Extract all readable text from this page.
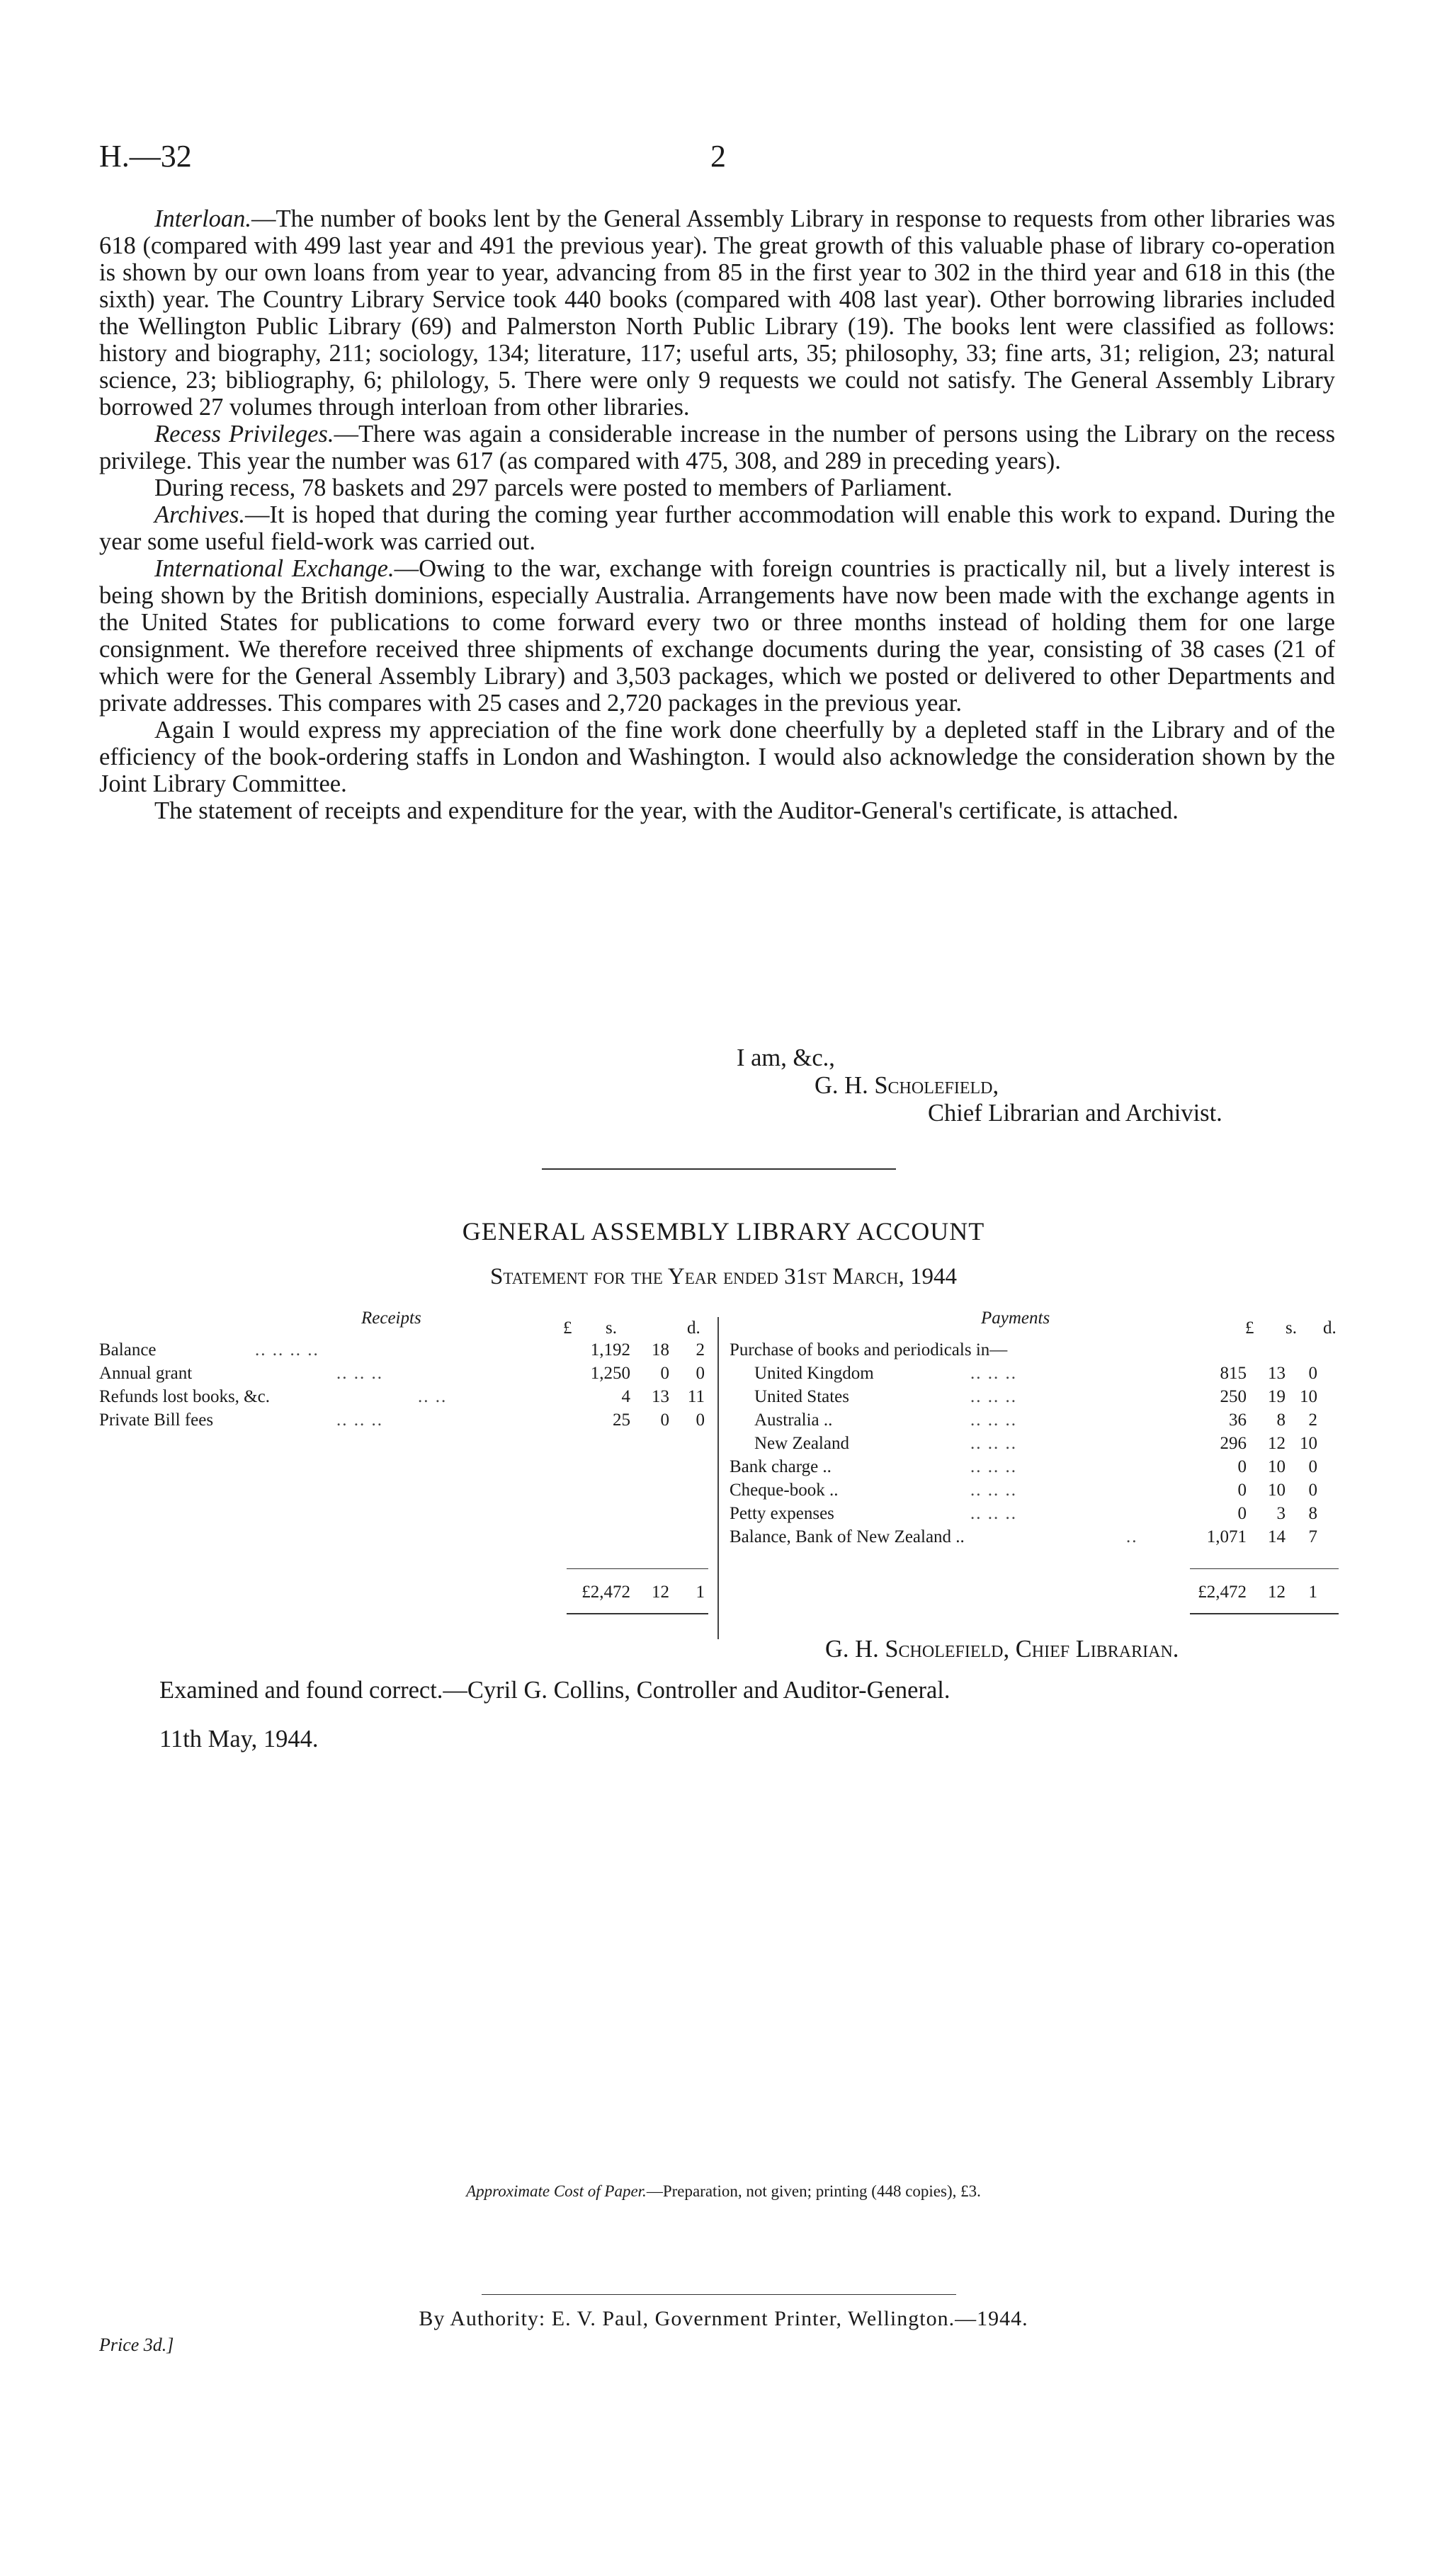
H.—32	2

Interloan.—The number of books lent by the General Assembly Library in response to requests from other libraries was 618 (compared with 499 last year and 491 the previous year). The great growth of this valuable phase of library co-operation is shown by our own loans from year to year, advancing from 85 in the first year to 302 in the third year and 618 in this (the sixth) year. The Country Library Service took 440 books (compared with 408 last year). Other borrowing libraries included the Wellington Public Library (69) and Palmerston North Public Library (19). The books lent were classified as follows: history and biography, 211; sociology, 134; literature, 117; useful arts, 35; philosophy, 33; fine arts, 31; religion, 23; natural science, 23; bibliography, 6; philology, 5. There were only 9 requests we could not satisfy. The General Assembly Library borrowed 27 volumes through interloan from other libraries.

Recess Privileges.—There was again a considerable increase in the number of persons using the Library on the recess privilege. This year the number was 617 (as compared with 475, 308, and 289 in preceding years).

During recess, 78 baskets and 297 parcels were posted to members of Parliament.

Archives.—It is hoped that during the coming year further accommodation will enable this work to expand. During the year some useful field-work was carried out.

International Exchange.—Owing to the war, exchange with foreign countries is practically nil, but a lively interest is being shown by the British dominions, especially Australia. Arrangements have now been made with the exchange agents in the United States for publications to come forward every two or three months instead of holding them for one large consignment. We therefore received three shipments of exchange documents during the year, consisting of 38 cases (21 of which were for the General Assembly Library) and 3,503 packages, which we posted or delivered to other Departments and private addresses. This compares with 25 cases and 2,720 packages in the previous year.

Again I would express my appreciation of the fine work done cheerfully by a depleted staff in the Library and of the efficiency of the book-ordering staffs in London and Washington. I would also acknowledge the consideration shown by the Joint Library Committee.

The statement of receipts and expenditure for the year, with the Auditor-General's certificate, is attached.

I am, &c.,
G. H. Scholefield,
Chief Librarian and Archivist.
GENERAL ASSEMBLY LIBRARY ACCOUNT
Statement for the Year ended 31st March, 1944
Receipts	Payments
£ s.	d.	£ s. d.
Balance	.. .. .. ..	1,192	18	2
Annual grant	.. .. ..	1,250	0	0
Refunds lost books, &c.	.. ..	4	13	11
Private Bill fees	.. .. ..	25	0	0
£2,472	12	1
Purchase of books and periodicals in—
United Kingdom	.. .. ..	815	13	0
United States	.. .. ..	250	19 10
Australia ..	.. .. ..	36	8	2
New Zealand	.. .. ..	296	12 10
Bank charge ..	.. .. ..	0	10	0
Cheque-book ..	.. .. ..	0	10	0
Petty expenses	.. .. ..	0	3	8
Balance, Bank of New Zealand ..	..	1,071	14	7
£2,472	12	1
G. H. Scholefield, Chief Librarian.
Examined and found correct.—Cyril G. Collins, Controller and Auditor-General.
11th May, 1944.
Approximate Cost of Paper.—Preparation, not given; printing (448 copies), £3.
By Authority: E. V. Paul, Government Printer, Wellington.—1944.
Price 3d.]
